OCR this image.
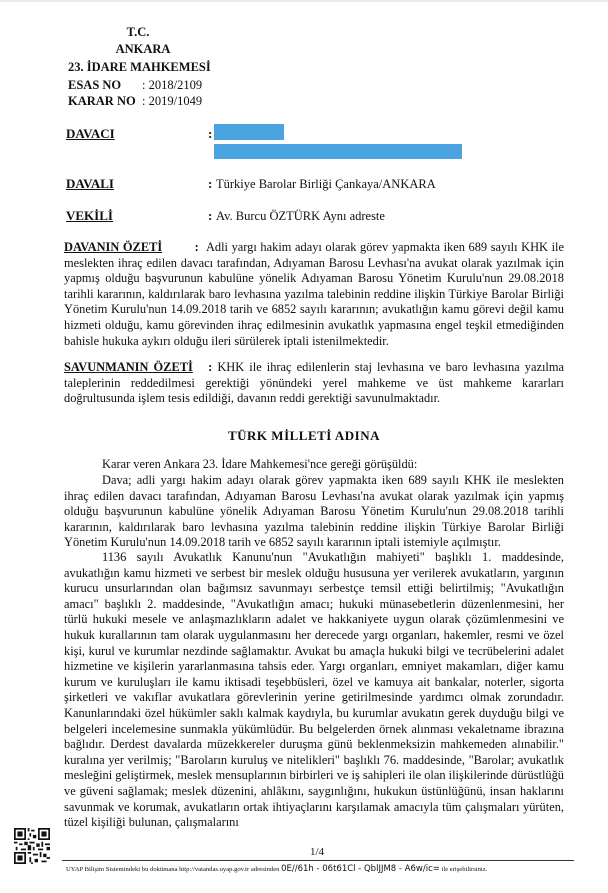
T.C.
ANKARA
23. İDARE MAHKEMESİ
ESAS NO : 2018/2109
KARAR NO : 2019/1049
DAVACI	:
DAVALI	: Türkiye Barolar Birliği Çankaya/ANKARA
VEKİLİ	: Av. Burcu ÖZTÜRK Aynı adreste
DAVANIN ÖZETİ         :  Adli yargı hakim adayı olarak görev yapmakta iken 689 sayılı KHK ile meslekten ihraç edilen davacı tarafından, Adıyaman Barosu Levhası'na avukat olarak yazılmak için yapmış olduğu başvurunun kabulüne yönelik Adıyaman Barosu Yönetim Kurulu'nun 29.08.2018 tarihli kararının, kaldırılarak baro levhasına yazılma talebinin reddine ilişkin Türkiye Barolar Birliği Yönetim Kurulu'nun 14.09.2018 tarih ve 6852 sayılı kararının; avukatlığın kamu görevi değil kamu hizmeti olduğu, kamu görevinden ihraç edilmesinin avukatlık yapmasına engel teşkil etmediğinden bahisle hukuka aykırı olduğu ileri sürülerek iptali istenilmektedir.
SAVUNMANIN ÖZETİ   : KHK ile ihraç edilenlerin staj levhasına ve baro levhasına yazılma taleplerinin reddedilmesi gerektiği yönündeki yerel mahkeme ve üst mahkeme kararları doğrultusunda işlem tesis edildiği, davanın reddi gerektiği savunulmaktadır.
TÜRK MİLLETİ ADINA
Karar veren Ankara 23. İdare Mahkemesi'nce gereği görüşüldü:
Dava; adli yargı hakim adayı olarak görev yapmakta iken 689 sayılı KHK ile meslekten ihraç edilen davacı tarafından, Adıyaman Barosu Levhası'na avukat olarak yazılmak için yapmış olduğu başvurunun kabulüne yönelik Adıyaman Barosu Yönetim Kurulu'nun 29.08.2018 tarihli kararının, kaldırılarak baro levhasına yazılma talebinin reddine ilişkin Türkiye Barolar Birliği Yönetim Kurulu'nun 14.09.2018 tarih ve 6852 sayılı kararının iptali istemiyle açılmıştır.
1136 sayılı Avukatlık Kanunu'nun "Avukatlığın mahiyeti" başlıklı 1. maddesinde, avukatlığın kamu hizmeti ve serbest bir meslek olduğu hususuna yer verilerek avukatların, yargının kurucu unsurlarından olan bağımsız savunmayı serbestçe temsil ettiği belirtilmiş; "Avukatlığın amacı" başlıklı 2. maddesinde, "Avukatlığın amacı; hukuki münasebetlerin düzenlenmesini, her türlü hukuki mesele ve anlaşmazlıkların adalet ve hakkaniyete uygun olarak çözümlenmesini ve hukuk kurallarının tam olarak uygulanmasını her derecede yargı organları, hakemler, resmi ve özel kişi, kurul ve kurumlar nezdinde sağlamaktır. Avukat bu amaçla hukuki bilgi ve tecrübelerini adalet hizmetine ve kişilerin yararlanmasına tahsis eder. Yargı organları, emniyet makamları, diğer kamu kurum ve kuruluşları ile kamu iktisadi teşebbüsleri, özel ve kamuya ait bankalar, noterler, sigorta şirketleri ve vakıflar avukatlara görevlerinin yerine getirilmesinde yardımcı olmak zorundadır. Kanunlarındaki özel hükümler saklı kalmak kaydıyla, bu kurumlar avukatın gerek duyduğu bilgi ve belgeleri incelemesine sunmakla yükümlüdür. Bu belgelerden örnek alınması vekaletname ibrazına bağlıdır. Derdest davalarda müzekkereler duruşma günü beklenmeksizin mahkemeden alınabilir." kuralına yer verilmiş; "Baroların kuruluş ve nitelikleri" başlıklı 76. maddesinde, "Barolar; avukatlık mesleğini geliştirmek, meslek mensuplarının birbirleri ve iş sahipleri ile olan ilişkilerinde dürüstlüğü ve güveni sağlamak; meslek düzenini, ahlâkını, saygınlığını, hukukun üstünlüğünü, insan haklarını savunmak ve korumak, avukatların ortak ihtiyaçlarını karşılamak amacıyla tüm çalışmaları yürüten, tüzel kişiliği bulunan, çalışmalarını
1/4
UYAP Bilişim Sistemindeki bu dokümana http://vatandas.uyap.gov.tr adresinden 0E//61h - 06t61Cl - QblJJM8 - A6w/ic= ile erişebilirsiniz.
